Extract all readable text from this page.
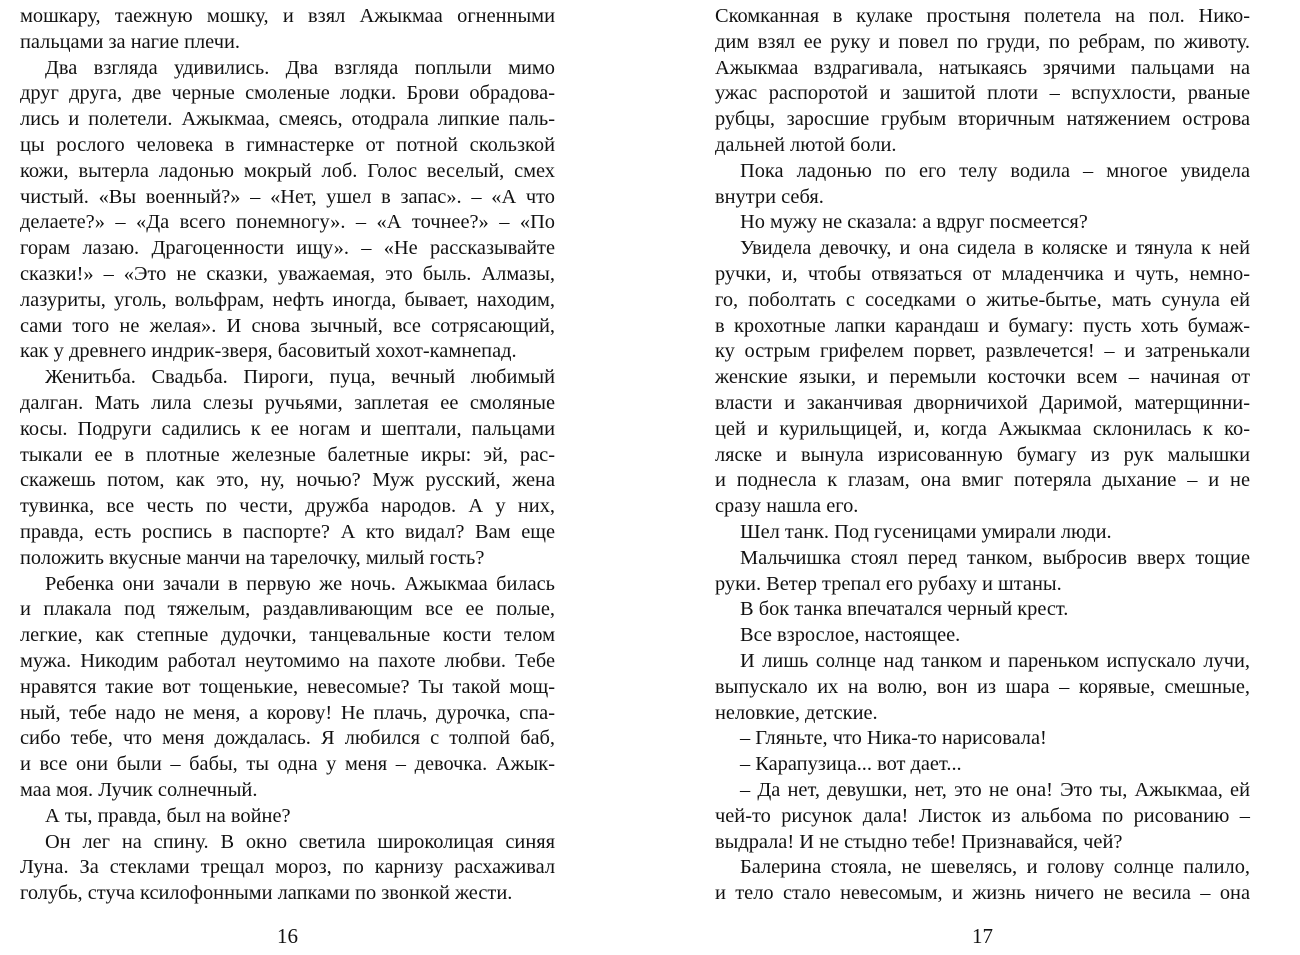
мошкару, таежную мошку, и взял Ажыкмаа огненными
пальцами за нагие плечи.
Два взгляда удивились. Два взгляда поплыли мимо
друг друга, две черные смоленые лодки. Брови обрадова-
лись и полетели. Ажыкмаа, смеясь, отодрала липкие паль-
цы рослого человека в гимнастерке от потной скользкой
кожи, вытерла ладонью мокрый лоб. Голос веселый, смех
чистый. «Вы военный?» – «Нет, ушел в запас». – «А что
делаете?» – «Да всего понемногу». – «А точнее?» – «По
горам лазаю. Драгоценности ищу». – «Не рассказывайте
сказки!» – «Это не сказки, уважаемая, это быль. Алмазы,
лазуриты, уголь, вольфрам, нефть иногда, бывает, находим,
сами того не желая». И снова зычный, все сотрясающий,
как у древнего индрик-зверя, басовитый хохот-камнепад.
Женитьба. Свадьба. Пироги, пуца, вечный любимый
далган. Мать лила слезы ручьями, заплетая ее смоляные
косы. Подруги садились к ее ногам и шептали, пальцами
тыкали ее в плотные железные балетные икры: эй, рас-
скажешь потом, как это, ну, ночью? Муж русский, жена
тувинка, все честь по чести, дружба народов. А у них,
правда, есть роспись в паспорте? А кто видал? Вам еще
положить вкусные манчи на тарелочку, милый гость?
Ребенка они зачали в первую же ночь. Ажыкмаа билась
и плакала под тяжелым, раздавливающим все ее полые,
легкие, как степные дудочки, танцевальные кости телом
мужа. Никодим работал неутомимо на пахоте любви. Тебе
нравятся такие вот тощенькие, невесомые? Ты такой мощ-
ный, тебе надо не меня, а корову! Не плачь, дурочка, спа-
сибо тебе, что меня дождалась. Я любился с толпой баб,
и все они были – бабы, ты одна у меня – девочка. Ажык-
маа моя. Лучик солнечный.
А ты, правда, был на войне?
Он лег на спину. В окно светила широколицая синяя
Луна. За стеклами трещал мороз, по карнизу расхаживал
голубь, стуча ксилофонными лапками по звонкой жести.
16
Скомканная в кулаке простыня полетела на пол. Нико-
дим взял ее руку и повел по груди, по ребрам, по животу.
Ажыкмаа вздрагивала, натыкаясь зрячими пальцами на
ужас распоротой и зашитой плоти – вспухлости, рваные
рубцы, заросшие грубым вторичным натяжением острова
дальней лютой боли.
Пока ладонью по его телу водила – многое увидела
внутри себя.
Но мужу не сказала: а вдруг посмеется?
Увидела девочку, и она сидела в коляске и тянула к ней
ручки, и, чтобы отвязаться от младенчика и чуть, немно-
го, поболтать с соседками о житье-бытье, мать сунула ей
в крохотные лапки карандаш и бумагу: пусть хоть бумаж-
ку острым грифелем порвет, развлечется! – и затренькали
женские языки, и перемыли косточки всем – начиная от
власти и заканчивая дворничихой Даримой, матерщинни-
цей и курильщицей, и, когда Ажыкмаа склонилась к ко-
ляске и вынула изрисованную бумагу из рук малышки
и поднесла к глазам, она вмиг потеряла дыхание – и не
сразу нашла его.
Шел танк. Под гусеницами умирали люди.
Мальчишка стоял перед танком, выбросив вверх тощие
руки. Ветер трепал его рубаху и штаны.
В бок танка впечатался черный крест.
Все взрослое, настоящее.
И лишь солнце над танком и пареньком испускало лучи,
выпускало их на волю, вон из шара – корявые, смешные,
неловкие, детские.
– Гляньте, что Ника-то нарисовала!
– Карапузица... вот дает...
– Да нет, девушки, нет, это не она! Это ты, Ажыкмаа, ей
чей-то рисунок дала! Листок из альбома по рисованию –
выдрала! И не стыдно тебе! Признавайся, чей?
Балерина стояла, не шевелясь, и голову солнце палило,
и тело стало невесомым, и жизнь ничего не весила – она
17
